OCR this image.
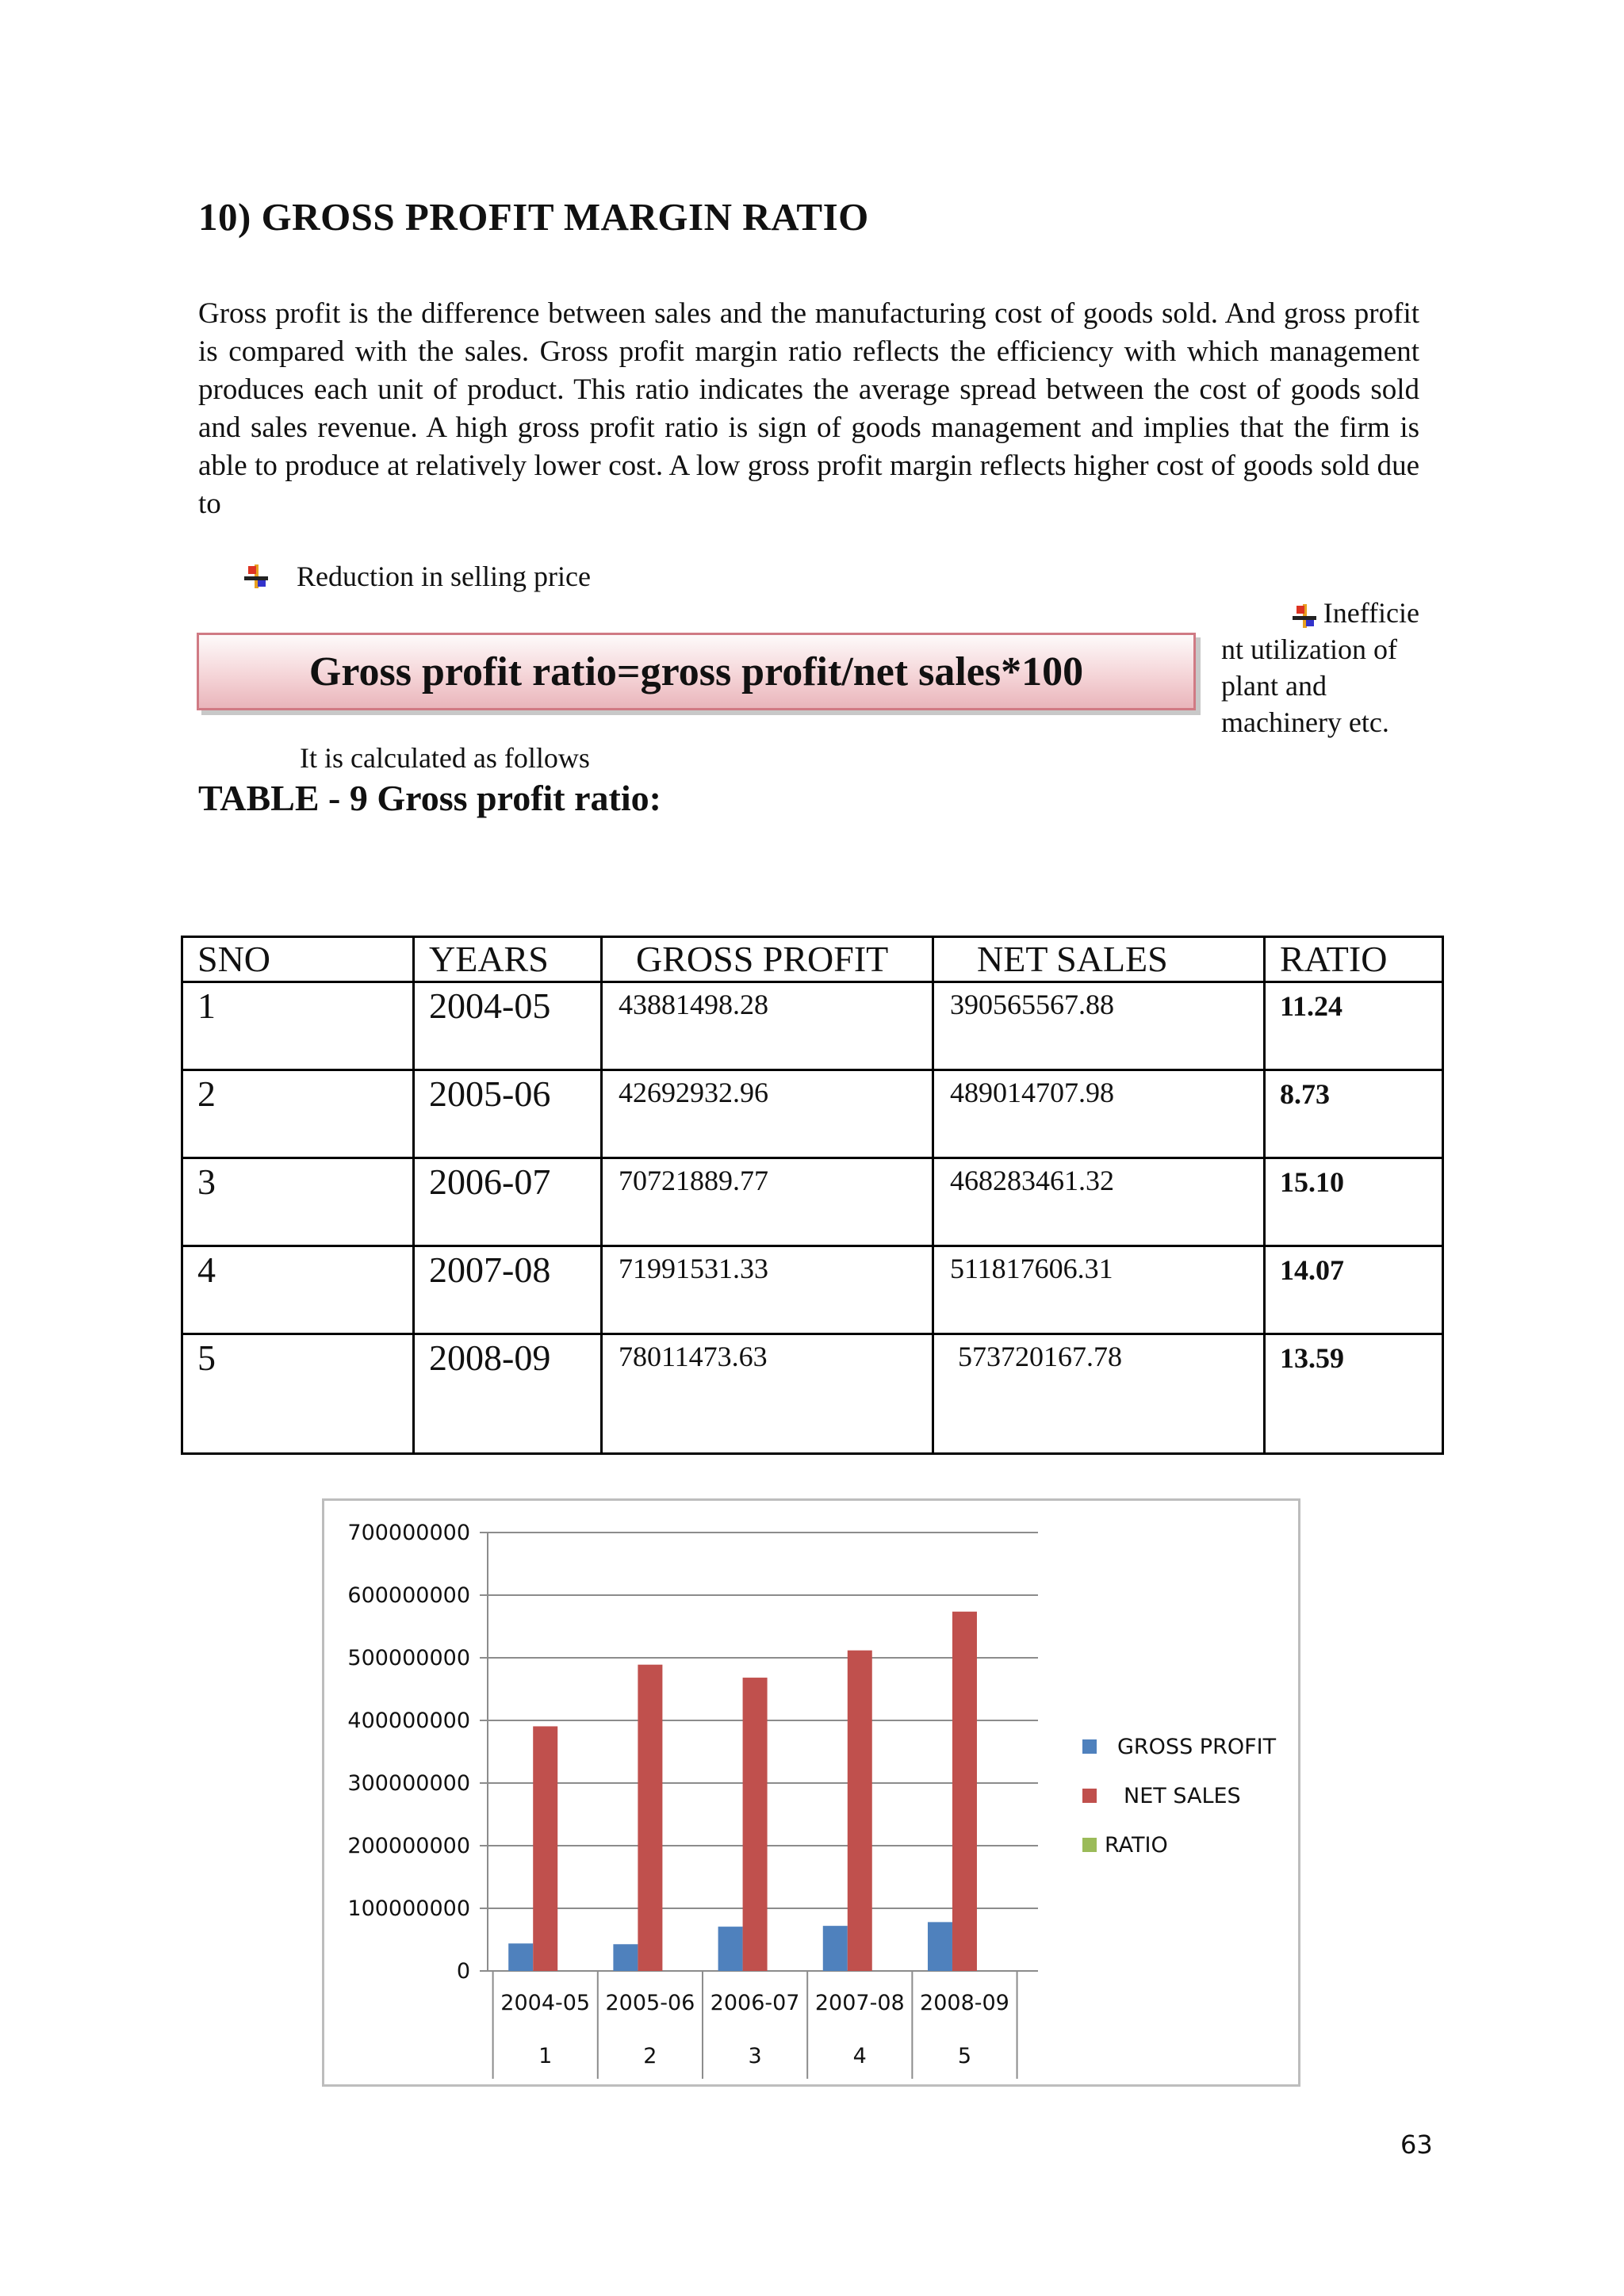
10) GROSS PROFIT MARGIN RATIO
Gross profit is the difference between sales and the manufacturing cost of goods sold. And gross profit is compared with the sales. Gross profit margin ratio reflects the efficiency with which management produces each unit of product. This ratio indicates the average spread between the cost of goods sold and sales revenue. A high gross profit ratio is sign of goods management and implies that the firm is able to produce at relatively lower cost. A low gross profit margin reflects higher cost of goods sold due to
Reduction in selling price
Inefficie
nt utilization of plant and machinery etc.
Gross profit ratio=gross profit/net sales*100
It is calculated as follows
TABLE - 9 Gross profit ratio:
SNO	YEARS	GROSS PROFIT	NET SALES	RATIO
1	2004-05	43881498.28	390565567.88	11.24
2	2005-06	42692932.96	489014707.98	8.73
3	2006-07	70721889.77	468283461.32	15.10
4	2007-08	71991531.33	511817606.31	14.07
5	2008-09	78011473.63	573720167.78	13.59
0
100000000
200000000
300000000
400000000
500000000
600000000
700000000
2004-05
1
2005-06
2
2006-07
3
2007-08
4
2008-09
5
GROSS PROFIT
NET SALES
RATIO
63
